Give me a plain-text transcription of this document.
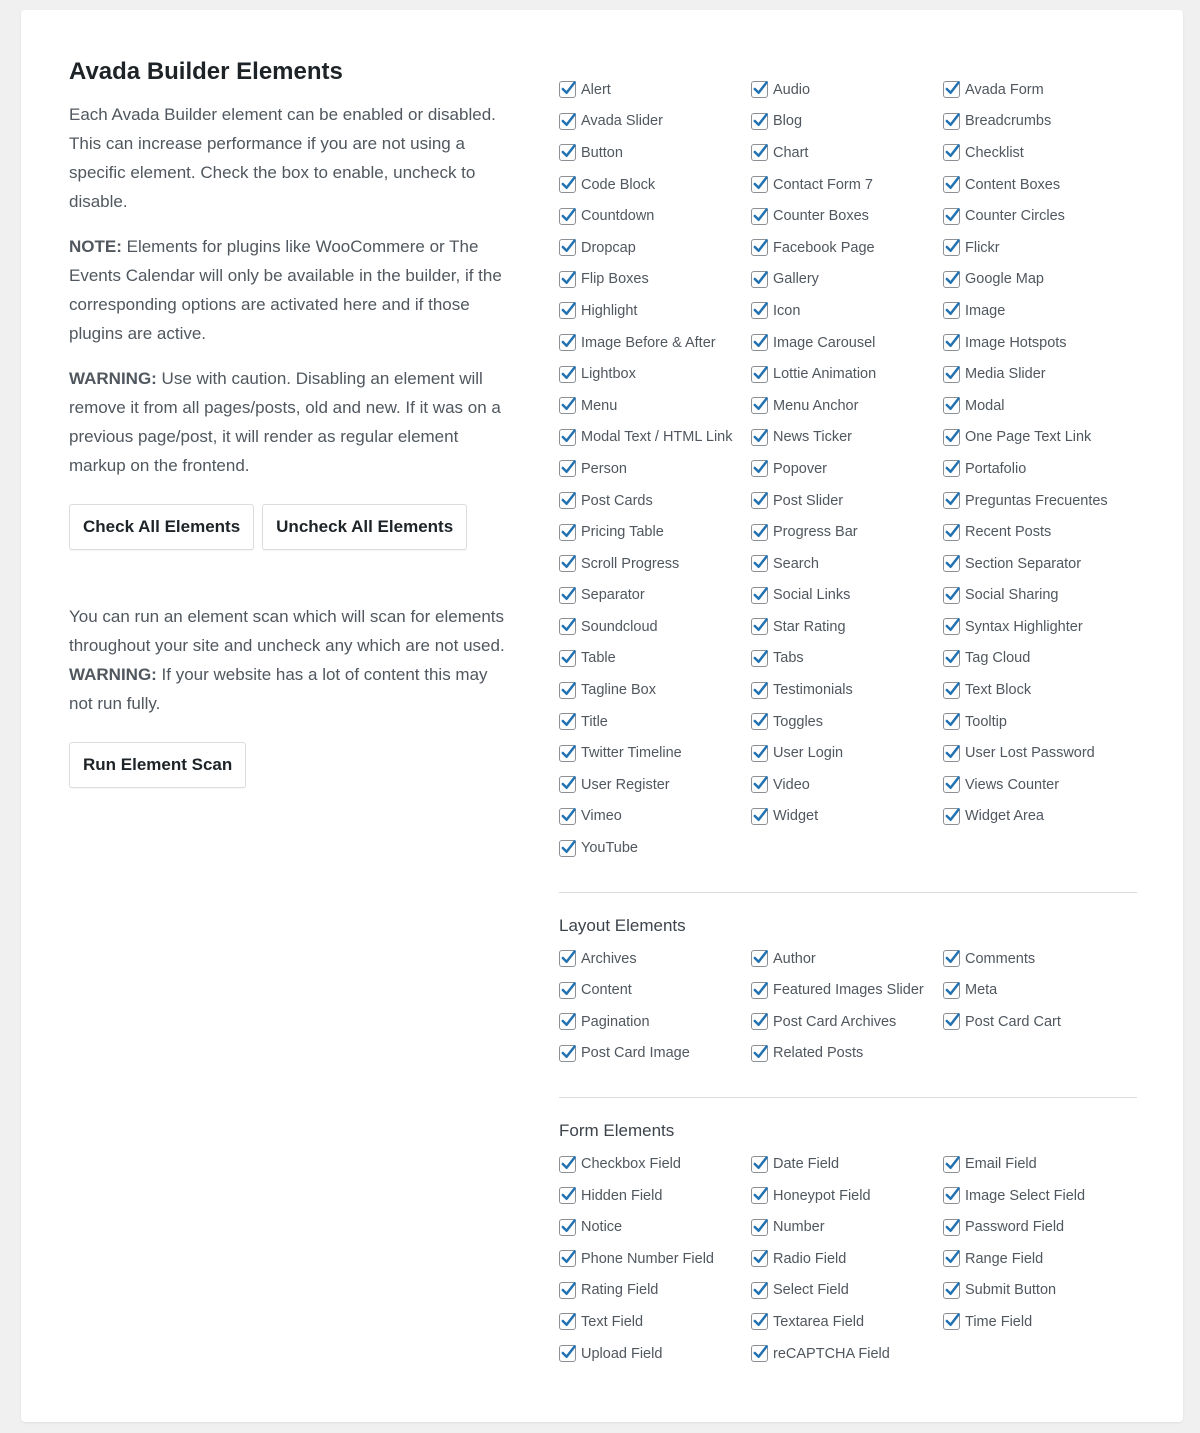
Avada Builder Elements

Each Avada Builder element can be enabled or disabled. This can increase performance if you are not using a specific element. Check the box to enable, uncheck to disable.

NOTE: Elements for plugins like WooCommere or The Events Calendar will only be available in the builder, if the corresponding options are activated here and if those plugins are active.

WARNING: Use with caution. Disabling an element will remove it from all pages/posts, old and new. If it was on a previous page/post, it will render as regular element markup on the frontend.

Check All Elements	Uncheck All Elements

You can run an element scan which will scan for elements throughout your site and uncheck any which are not used. WARNING: If your website has a lot of content this may not run fully.

Run Element Scan
Alert	Audio	Avada Form
Avada Slider	Blog	Breadcrumbs
Button	Chart	Checklist
Code Block	Contact Form 7	Content Boxes
Countdown	Counter Boxes	Counter Circles
Dropcap	Facebook Page	Flickr
Flip Boxes	Gallery	Google Map
Highlight	Icon	Image
Image Before & After	Image Carousel	Image Hotspots
Lightbox	Lottie Animation	Media Slider
Menu	Menu Anchor	Modal
Modal Text / HTML Link	News Ticker	One Page Text Link
Person	Popover	Portafolio
Post Cards	Post Slider	Preguntas Frecuentes
Pricing Table	Progress Bar	Recent Posts
Scroll Progress	Search	Section Separator
Separator	Social Links	Social Sharing
Soundcloud	Star Rating	Syntax Highlighter
Table	Tabs	Tag Cloud
Tagline Box	Testimonials	Text Block
Title	Toggles	Tooltip
Twitter Timeline	User Login	User Lost Password
User Register	Video	Views Counter
Vimeo	Widget	Widget Area
YouTube
Layout Elements
Archives	Author	Comments
Content	Featured Images Slider	Meta
Pagination	Post Card Archives	Post Card Cart
Post Card Image	Related Posts
Form Elements
Checkbox Field	Date Field	Email Field
Hidden Field	Honeypot Field	Image Select Field
Notice	Number	Password Field
Phone Number Field	Radio Field	Range Field
Rating Field	Select Field	Submit Button
Text Field	Textarea Field	Time Field
Upload Field	reCAPTCHA Field
